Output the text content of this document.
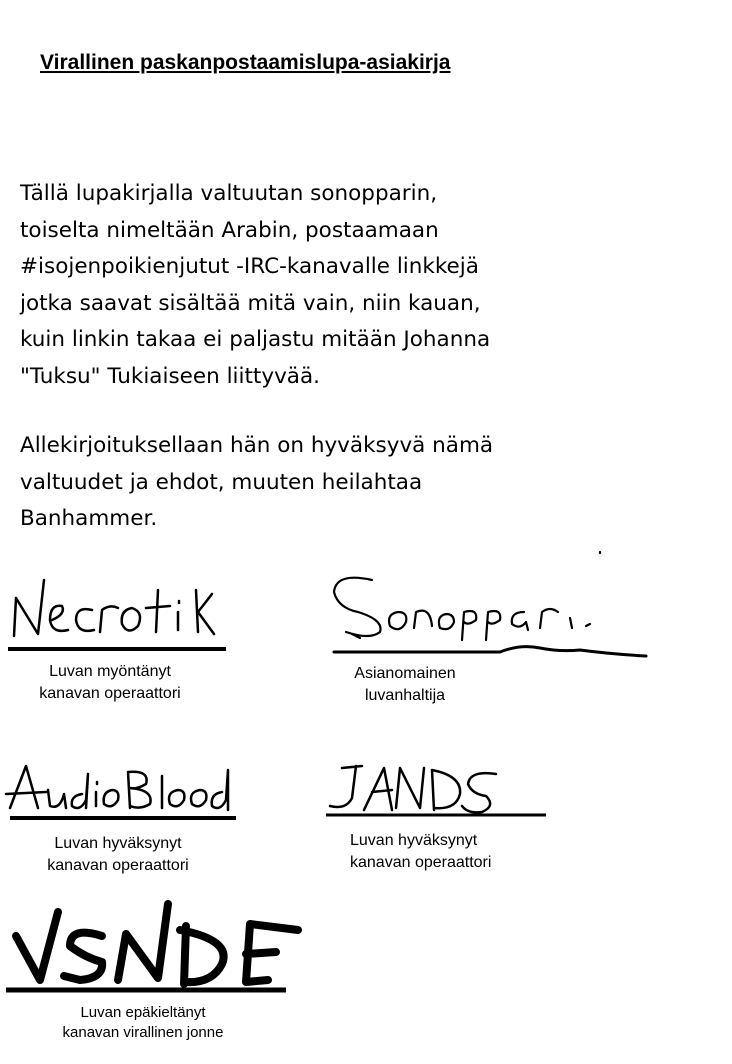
Virallinen paskanpostaamislupa-asiakirja
Tällä lupakirjalla valtuutan sonopparin,
toiselta nimeltään Arabin, postaamaan
#isojenpoikienjutut -IRC-kanavalle linkkejä
jotka saavat sisältää mitä vain, niin kauan,
kuin linkin takaa ei paljastu mitään Johanna
"Tuksu" Tukiaiseen liittyvää.
Allekirjoituksellaan hän on hyväksyvä nämä
valtuudet ja ehdot, muuten heilahtaa
Banhammer.
Luvan myöntänyt
kanavan operaattori
Asianomainen
luvanhaltija
Luvan hyväksynyt
kanavan operaattori
Luvan hyväksynyt
kanavan operaattori
Luvan epäkieltänyt
kanavan virallinen jonne
